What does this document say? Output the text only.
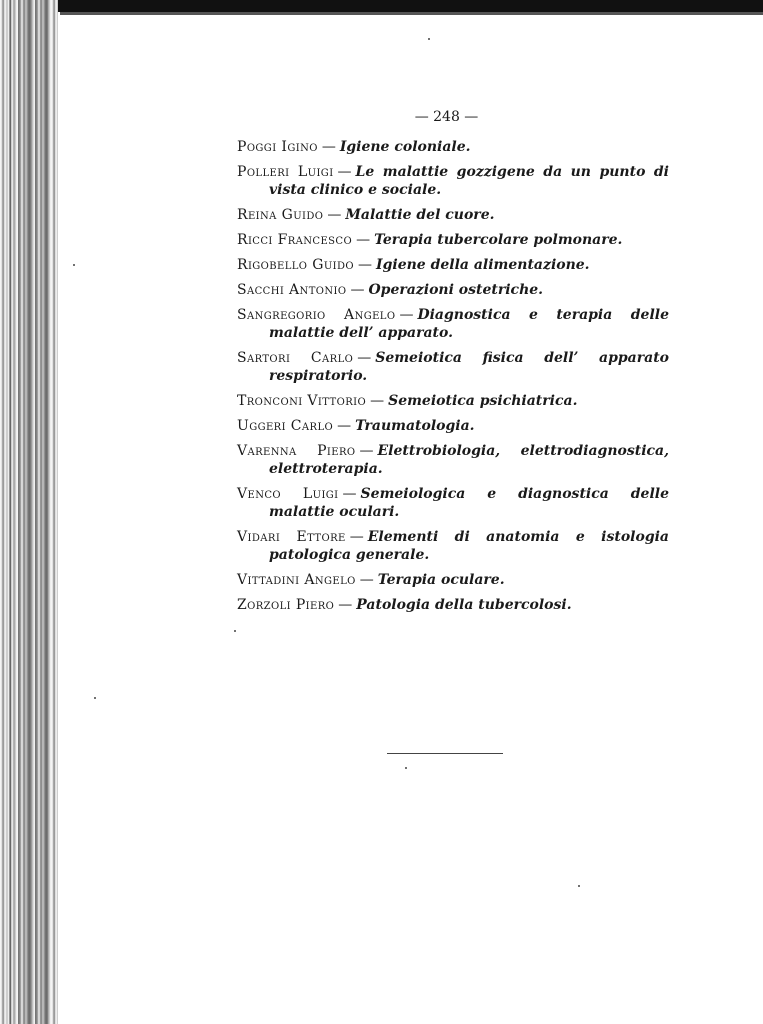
— 248 —
Poggi Igino — Igiene coloniale.
Polleri Luigi — Le malattie gozzigene da un punto di vista clinico e sociale.
Reina Guido — Malattie del cuore.
Ricci Francesco — Terapia tubercolare polmonare.
Rigobello Guido — Igiene della alimentazione.
Sacchi Antonio — Operazioni ostetriche.
Sangregorio Angelo — Diagnostica e terapia delle malattie dell’ apparato.
Sartori Carlo — Semeiotica fisica dell’ apparato respiratorio.
Tronconi Vittorio — Semeiotica psichiatrica.
Uggeri Carlo — Traumatologia.
Varenna Piero — Elettrobiologia, elettrodiagnostica, elettroterapia.
Venco Luigi — Semeiologica e diagnostica delle malattie oculari.
Vidari Ettore — Elementi di anatomia e istologia patologica generale.
Vittadini Angelo — Terapia oculare.
Zorzoli Piero — Patologia della tubercolosi.
